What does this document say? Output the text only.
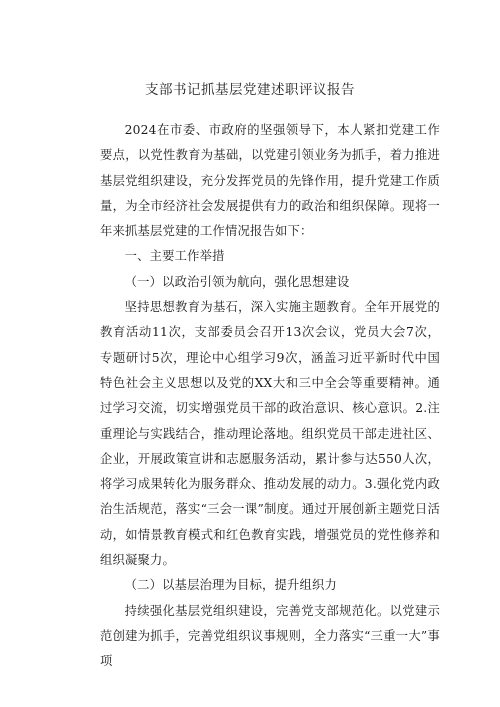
支部书记抓基层党建述职评议报告

2024在市委、市政府的坚强领导下，本人紧扣党建工作要点，以党性教育为基础，以党建引领业务为抓手，着力推进基层党组织建设，充分发挥党员的先锋作用，提升党建工作质量，为全市经济社会发展提供有力的政治和组织保障。现将一年来抓基层党建的工作情况报告如下：

一、主要工作举措

（一）以政治引领为航向，强化思想建设

坚持思想教育为基石，深入实施主题教育。全年开展党的教育活动11次，支部委员会召开13次会议，党员大会7次，专题研讨5次，理论中心组学习9次，涵盖习近平新时代中国特色社会主义思想以及党的XX大和三中全会等重要精神。通过学习交流，切实增强党员干部的政治意识、核心意识。2.注重理论与实践结合，推动理论落地。组织党员干部走进社区、企业，开展政策宣讲和志愿服务活动，累计参与达550人次，将学习成果转化为服务群众、推动发展的动力。3.强化党内政治生活规范，落实“三会一课”制度。通过开展创新主题党日活动，如情景教育模式和红色教育实践，增强党员的党性修养和组织凝聚力。

（二）以基层治理为目标，提升组织力

持续强化基层党组织建设，完善党支部规范化。以党建示范创建为抓手，完善党组织议事规则，全力落实“三重一大”事项
